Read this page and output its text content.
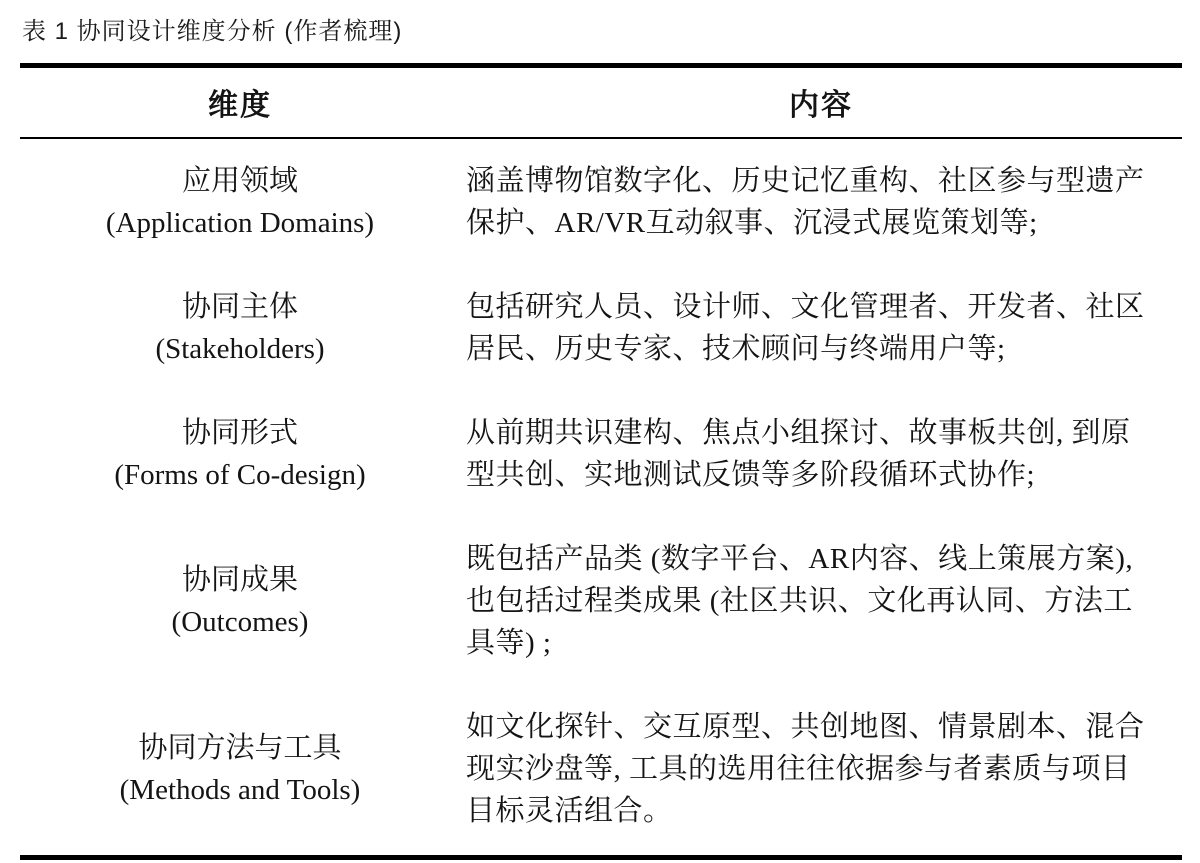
表 1 协同设计维度分析 (作者梳理)
维度	内容
应用领域
(Application Domains)
涵盖博物馆数字化、历史记忆重构、社区参与型遗产保护、AR/VR互动叙事、沉浸式展览策划等;
协同主体
(Stakeholders)
包括研究人员、设计师、文化管理者、开发者、社区居民、历史专家、技术顾问与终端用户等;
协同形式
(Forms of Co-design)
从前期共识建构、焦点小组探讨、故事板共创, 到原型共创、实地测试反馈等多阶段循环式协作;
协同成果
(Outcomes)
既包括产品类 (数字平台、AR内容、线上策展方案), 也包括过程类成果 (社区共识、文化再认同、方法工具等) ;
协同方法与工具
(Methods and Tools)
如文化探针、交互原型、共创地图、情景剧本、混合现实沙盘等, 工具的选用往往依据参与者素质与项目目标灵活组合。
